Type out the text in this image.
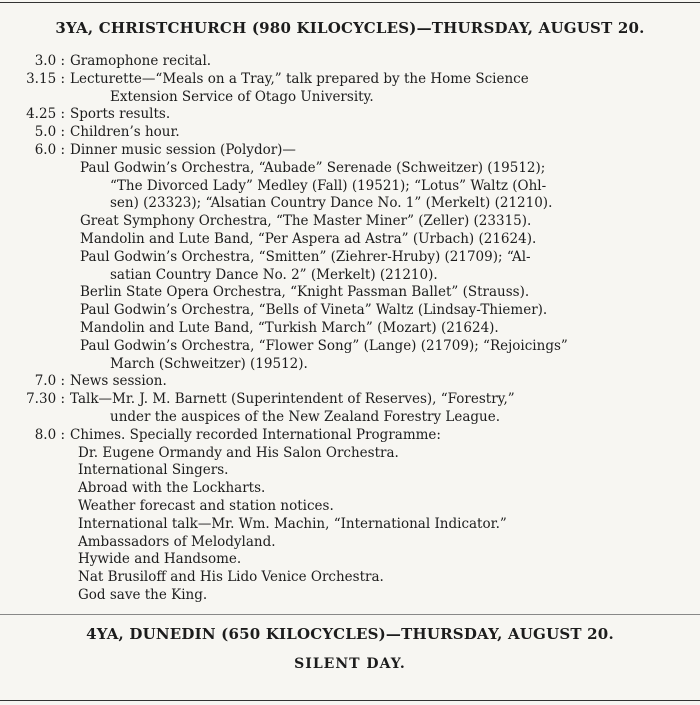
3YA, CHRISTCHURCH (980 KILOCYCLES)—THURSDAY, AUGUST 20.
3.0 : Gramophone recital.
3.15 : Lecturette—“Meals on a Tray,” talk prepared by the Home Science
Extension Service of Otago University.
4.25 : Sports results.
5.0 : Children’s hour.
6.0 : Dinner music session (Polydor)—
Paul Godwin’s Orchestra, “Aubade” Serenade (Schweitzer) (19512);
“The Divorced Lady” Medley (Fall) (19521); “Lotus” Waltz (Ohl-
sen) (23323); “Alsatian Country Dance No. 1” (Merkelt) (21210).
Great Symphony Orchestra, “The Master Miner” (Zeller) (23315).
Mandolin and Lute Band, “Per Aspera ad Astra” (Urbach) (21624).
Paul Godwin’s Orchestra, “Smitten” (Ziehrer-Hruby) (21709); “Al-
satian Country Dance No. 2” (Merkelt) (21210).
Berlin State Opera Orchestra, “Knight Passman Ballet” (Strauss).
Paul Godwin’s Orchestra, “Bells of Vineta” Waltz (Lindsay-Thiemer).
Mandolin and Lute Band, “Turkish March” (Mozart) (21624).
Paul Godwin’s Orchestra, “Flower Song” (Lange) (21709); “Rejoicings”
March (Schweitzer) (19512).
7.0 : News session.
7.30 : Talk—Mr. J. M. Barnett (Superintendent of Reserves), “Forestry,”
under the auspices of the New Zealand Forestry League.
8.0 : Chimes. Specially recorded International Programme:
Dr. Eugene Ormandy and His Salon Orchestra.
International Singers.
Abroad with the Lockharts.
Weather forecast and station notices.
International talk—Mr. Wm. Machin, “International Indicator.”
Ambassadors of Melodyland.
Hywide and Handsome.
Nat Brusiloff and His Lido Venice Orchestra.
God save the King.
4YA, DUNEDIN (650 KILOCYCLES)—THURSDAY, AUGUST 20.
SILENT DAY.
